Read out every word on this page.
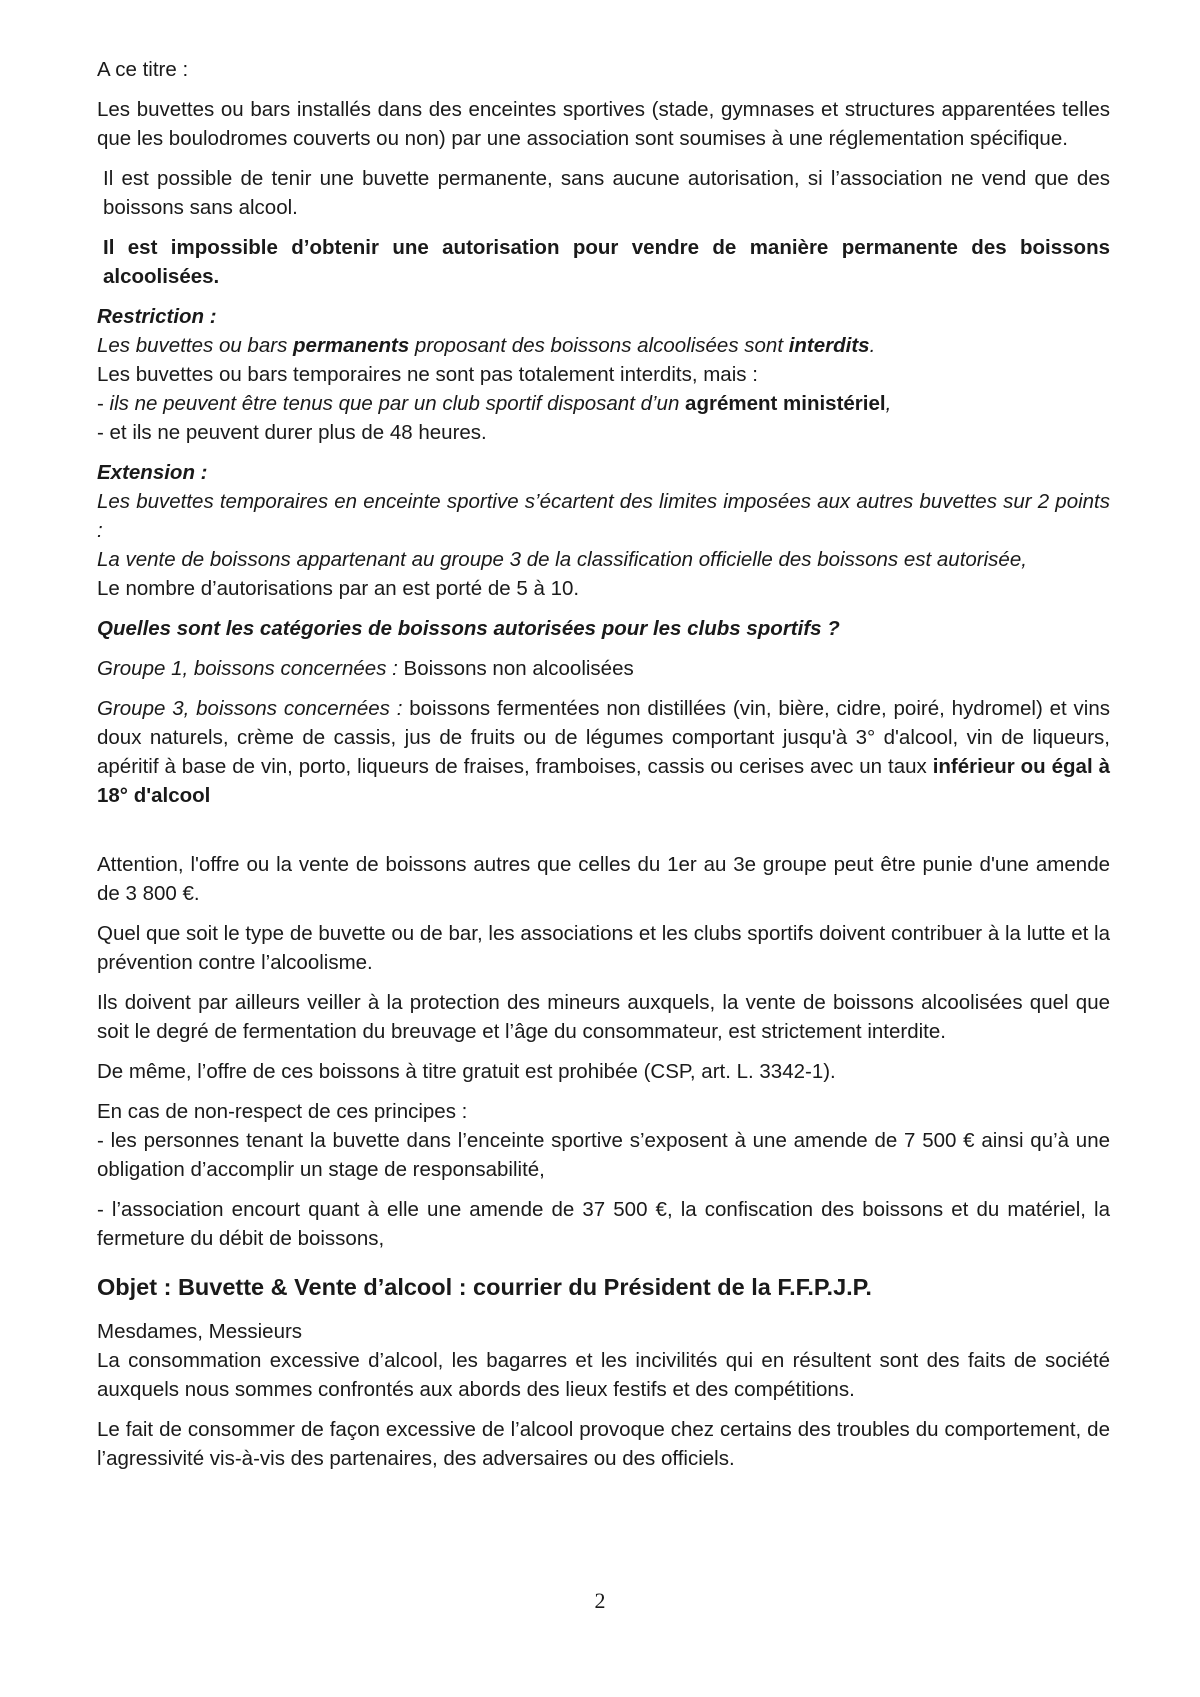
A ce titre :

Les buvettes ou bars installés dans des enceintes sportives (stade, gymnases et structures apparentées telles que les boulodromes couverts ou non) par une association sont soumises à une réglementation spécifique.

Il est possible de tenir une buvette permanente, sans aucune autorisation, si l’association ne vend que des boissons sans alcool.

Il est impossible d’obtenir une autorisation pour vendre de manière permanente des boissons alcoolisées.

Restriction :
Les buvettes ou bars permanents proposant des boissons alcoolisées sont interdits.
Les buvettes ou bars temporaires ne sont pas totalement interdits, mais :
- ils ne peuvent être tenus que par un club sportif disposant d’un agrément ministériel,
- et ils ne peuvent durer plus de 48 heures.
Extension :
Les buvettes temporaires en enceinte sportive s’écartent des limites imposées aux autres buvettes sur 2 points :
La vente de boissons appartenant au groupe 3 de la classification officielle des boissons est autorisée,
Le nombre d’autorisations par an est porté de 5 à 10.

Quelles sont les catégories de boissons autorisées pour les clubs sportifs ?

Groupe 1, boissons concernées : Boissons non alcoolisées

Groupe 3, boissons concernées : boissons fermentées non distillées (vin, bière, cidre, poiré, hydromel) et vins doux naturels, crème de cassis, jus de fruits ou de légumes comportant jusqu'à 3° d'alcool, vin de liqueurs, apéritif à base de vin, porto, liqueurs de fraises, framboises, cassis ou cerises avec un taux inférieur ou égal à 18° d'alcool

Attention, l'offre ou la vente de boissons autres que celles du 1er au 3e groupe peut être punie d'une amende de 3 800 €.

Quel que soit le type de buvette ou de bar, les associations et les clubs sportifs doivent contribuer à la lutte et la prévention contre l’alcoolisme.

Ils doivent par ailleurs veiller à la protection des mineurs auxquels, la vente de boissons alcoolisées quel que soit le degré de fermentation du breuvage et l’âge du consommateur, est strictement interdite.

De même, l’offre de ces boissons à titre gratuit est prohibée (CSP, art. L. 3342-1).

En cas de non-respect de ces principes :

- les personnes tenant la buvette dans l’enceinte sportive s’exposent à une amende de 7 500 € ainsi qu’à une obligation d’accomplir un stage de responsabilité,

- l’association encourt quant à elle une amende de 37 500 €, la confiscation des boissons et du matériel, la fermeture du débit de boissons,

Objet : Buvette & Vente d’alcool : courrier du Président de la F.F.P.J.P.
Mesdames, Messieurs

La consommation excessive d’alcool, les bagarres et les incivilités qui en résultent sont des faits de société auxquels nous sommes confrontés aux abords des lieux festifs et des compétitions.

Le fait de consommer de façon excessive de l’alcool provoque chez certains des troubles du comportement, de l’agressivité vis-à-vis des partenaires, des adversaires ou des officiels.

2
